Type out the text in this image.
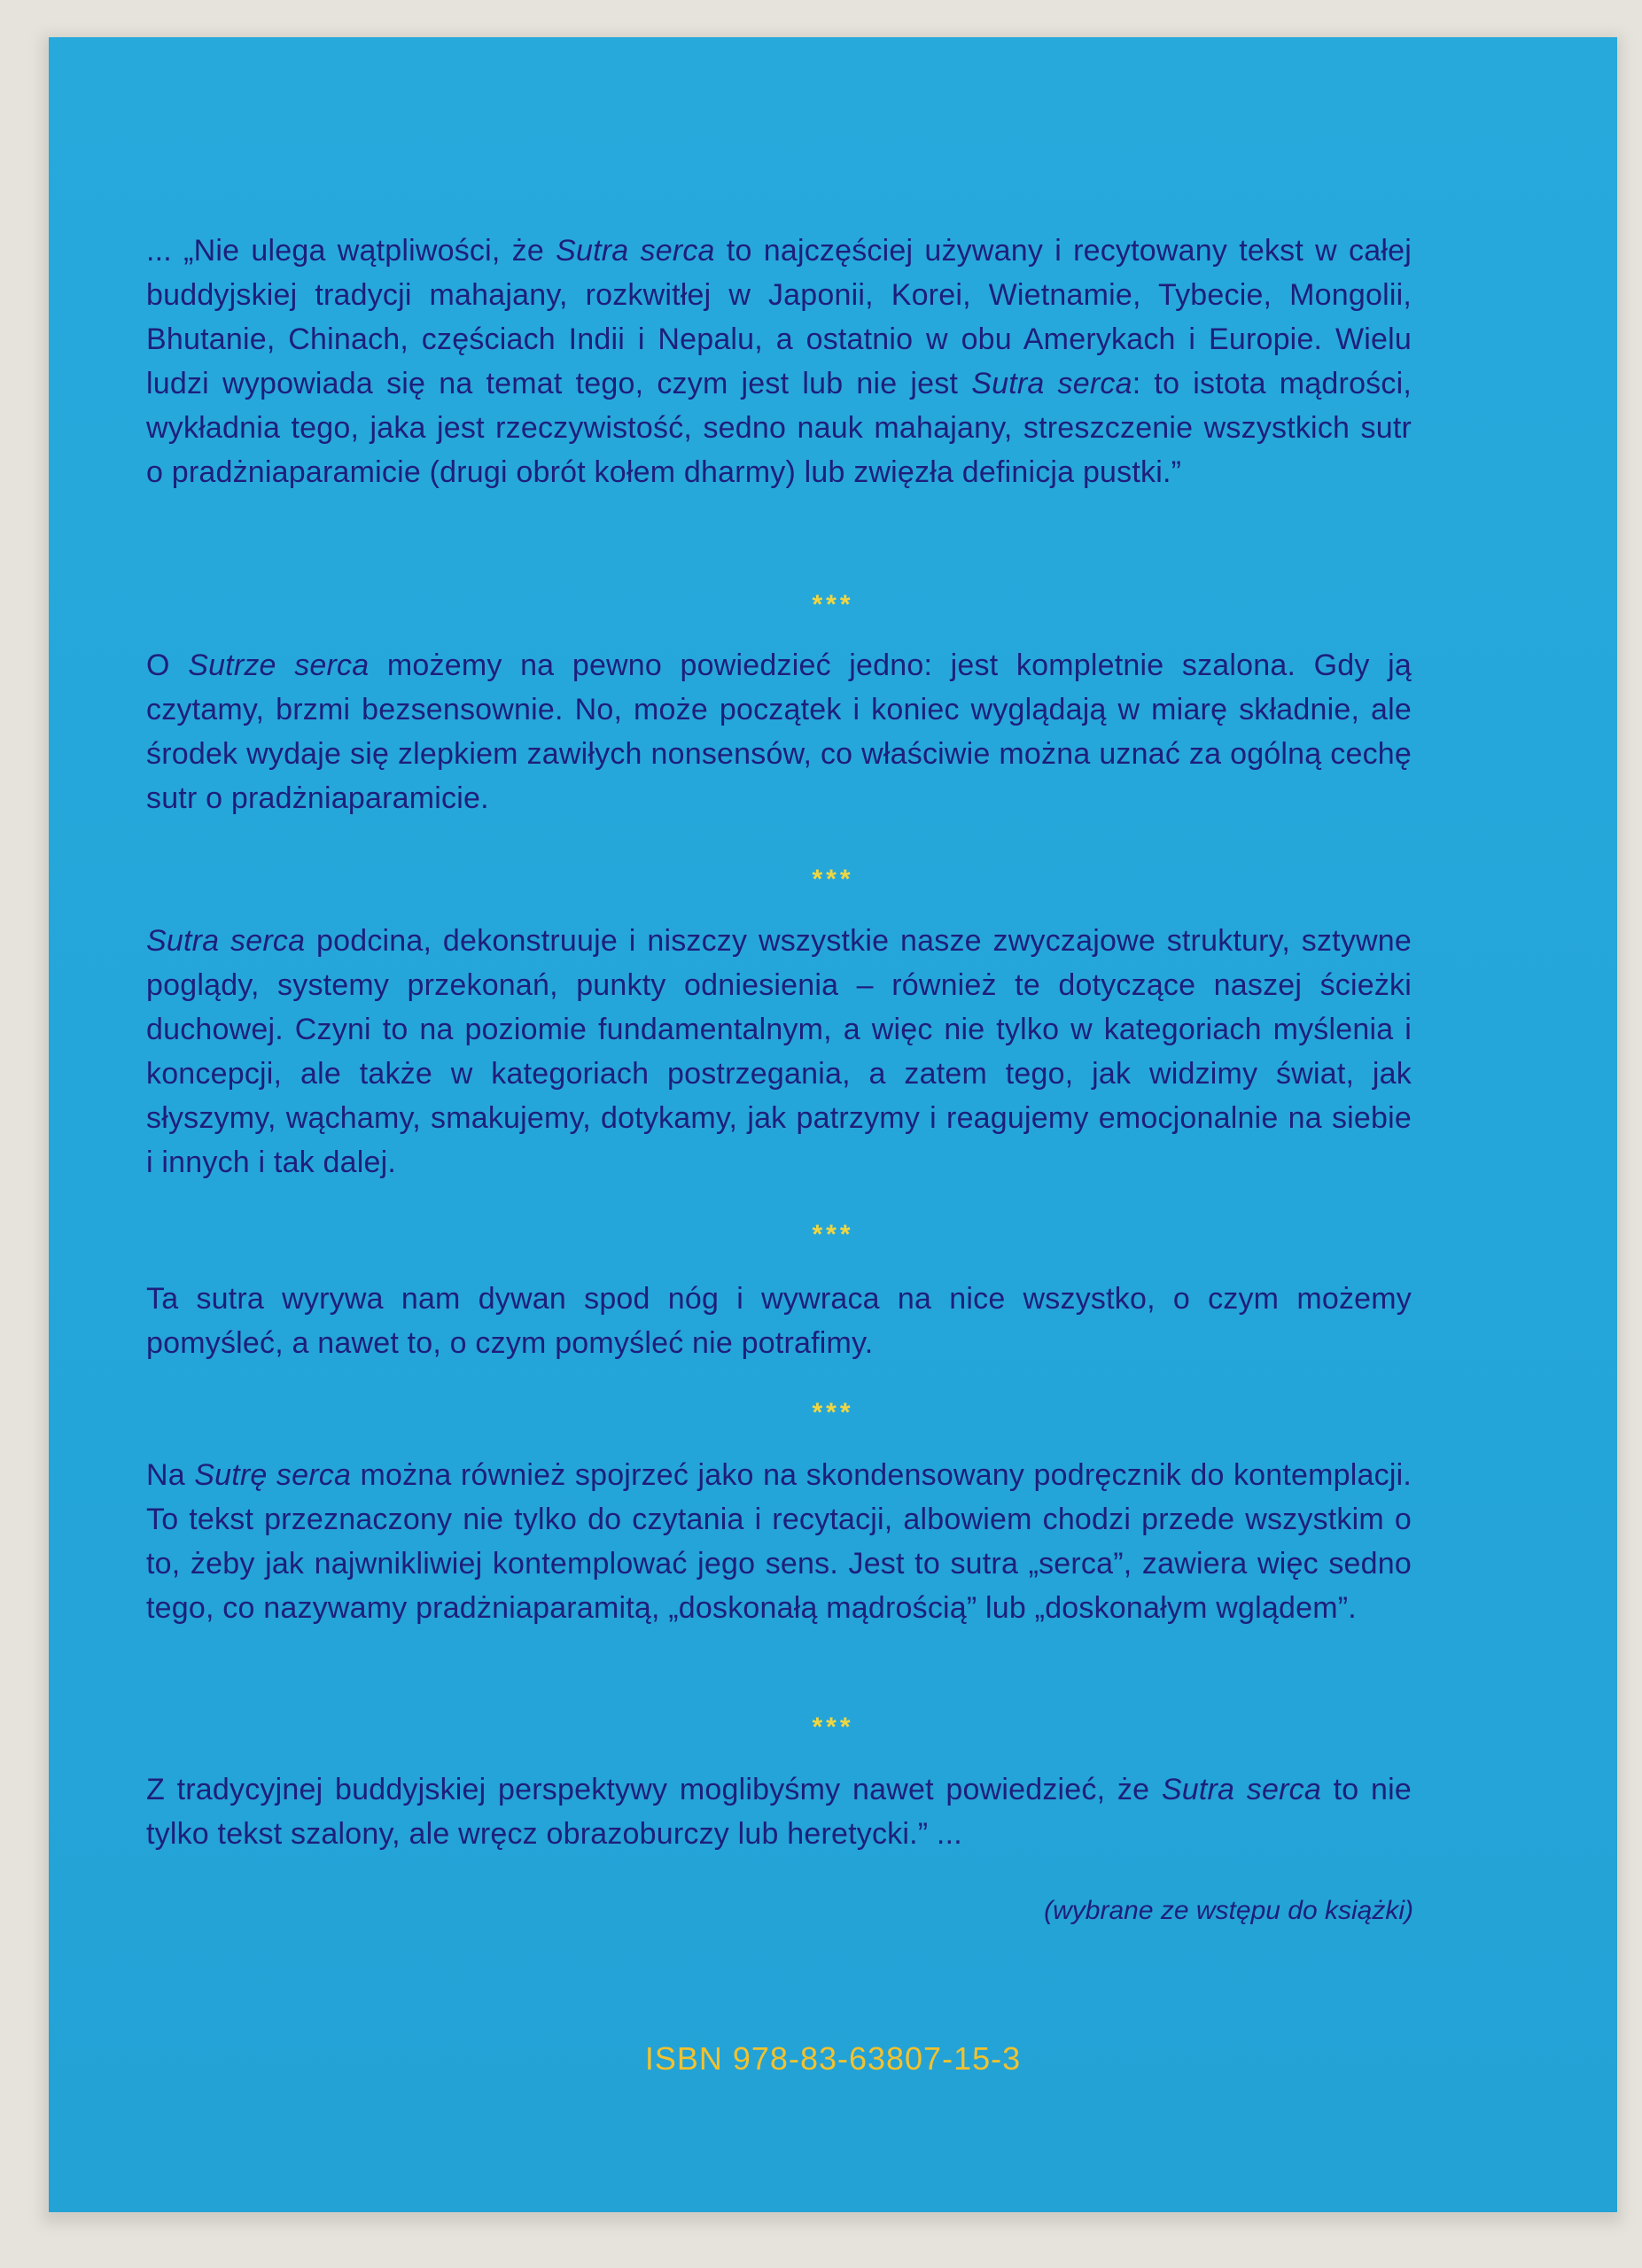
... „Nie ulega wątpliwości, że Sutra serca to najczęściej używany i recytowany tekst w całej buddyjskiej tradycji mahajany, rozkwitłej w Japonii, Korei, Wietnamie, Tybecie, Mongolii, Bhutanie, Chinach, częściach Indii i Nepalu, a ostatnio w obu Amerykach i Europie. Wielu ludzi wypowiada się na temat tego, czym jest lub nie jest Sutra serca: to istota mądrości, wykładnia tego, jaka jest rzeczywistość, sedno nauk mahajany, streszczenie wszystkich sutr o pradżniaparamicie (drugi obrót kołem dharmy) lub zwięzła definicja pustki.”

***

O Sutrze serca możemy na pewno powiedzieć jedno: jest kompletnie szalona. Gdy ją czytamy, brzmi bezsensownie. No, może początek i koniec wyglądają w miarę składnie, ale środek wydaje się zlepkiem zawiłych nonsensów, co właściwie można uznać za ogólną cechę sutr o pradżniaparamicie.

***

Sutra serca podcina, dekonstruuje i niszczy wszystkie nasze zwyczajowe struktury, sztywne poglądy, systemy przekonań, punkty odniesienia – również te dotyczące naszej ścieżki duchowej. Czyni to na poziomie fundamentalnym, a więc nie tylko w kategoriach myślenia i koncepcji, ale także w kategoriach postrzegania, a zatem tego, jak widzimy świat, jak słyszymy, wąchamy, smakujemy, dotykamy, jak patrzymy i reagujemy emocjonalnie na siebie i innych i tak dalej.

***

Ta sutra wyrywa nam dywan spod nóg i wywraca na nice wszystko, o czym możemy pomyśleć, a nawet to, o czym pomyśleć nie potrafimy.

***

Na Sutrę serca można również spojrzeć jako na skondensowany podręcznik do kontemplacji. To tekst przeznaczony nie tylko do czytania i recytacji, albowiem chodzi przede wszystkim o to, żeby jak najwnikliwiej kontemplować jego sens. Jest to sutra „serca”, zawiera więc sedno tego, co nazywamy pradżniaparamitą, „doskonałą mądrością” lub „doskonałym wglądem”.

***

Z tradycyjnej buddyjskiej perspektywy moglibyśmy nawet powiedzieć, że Sutra serca to nie tylko tekst szalony, ale wręcz obrazoburczy lub heretycki.” ...

(wybrane ze wstępu do książki)
ISBN 978-83-63807-15-3
